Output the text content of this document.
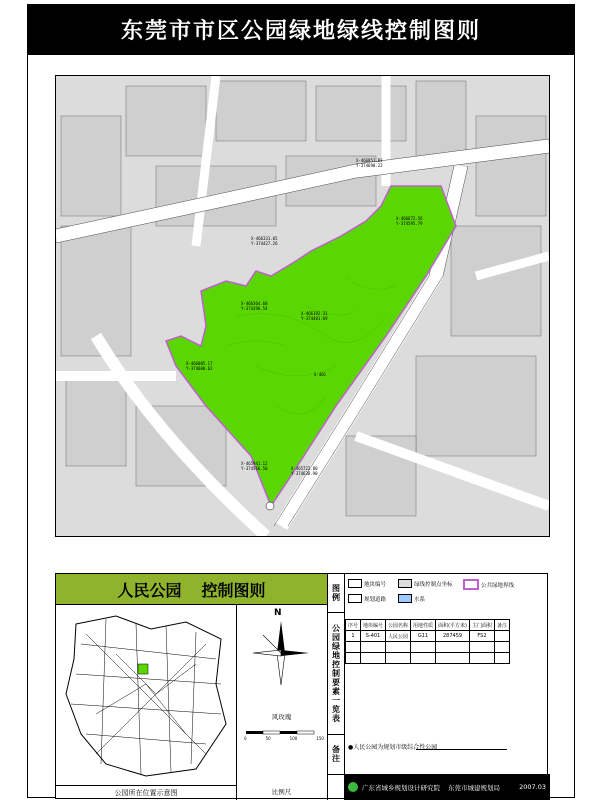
东莞市市区公园绿地绿线控制图则
X-466851.83
Y-374690.22
X-466672.56
Y-374595.79
X-466331.05
Y-374427.26
X-466364.68
Y-374396.54
X-466192.31
Y-374481.69
X-466005.17
Y-374608.62
X-465941.12
Y-374566.50	X-465722.80
Y-374638.90
S-401
人民公园 控制图则
公园所在位置示意图
N
风玫瑰
0	50	100	150
比例尺
图例
公园绿地控制要素一览表
备注
地块编号	绿线控制点坐标	公共绿地界线
规划道路	水系
序号	地块编号	公园名称	用地性质	面积(平方米)	主门面积	备注
1	S-401	人民公园	G11	287459	FS2	

●人民公园为规划市级综合性公园
广东省城乡规划设计研究院 东莞市城建规划局	2007.03
